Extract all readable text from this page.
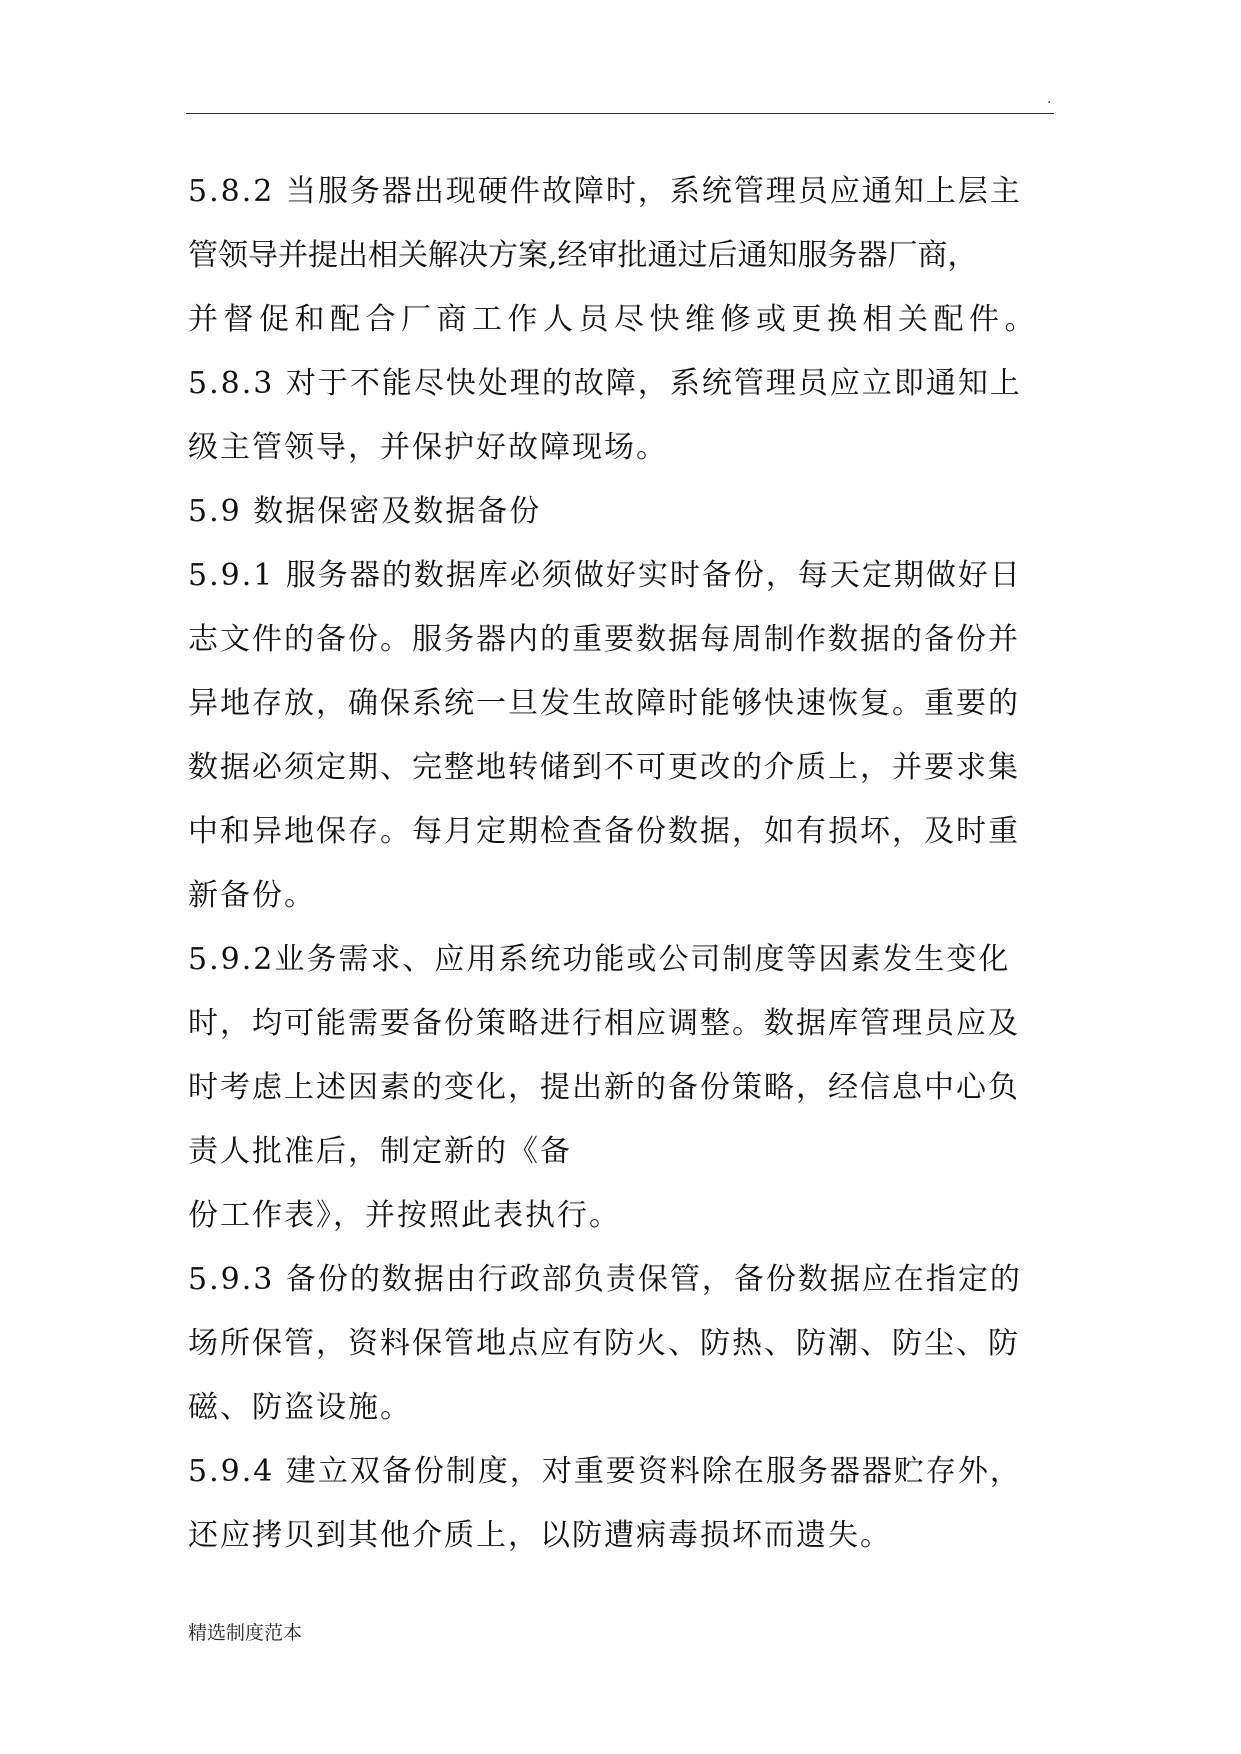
.
5.8.2 当服务器出现硬件故障时，系统管理员应通知上层主
管领导并提出相关解决方案,经审批通过后通知服务器厂商，
并督促和配合厂商工作人员尽快维修或更换相关配件。
5.8.3 对于不能尽快处理的故障，系统管理员应立即通知上
级主管领导，并保护好故障现场。
5.9 数据保密及数据备份
5.9.1 服务器的数据库必须做好实时备份，每天定期做好日
志文件的备份。服务器内的重要数据每周制作数据的备份并
异地存放，确保系统一旦发生故障时能够快速恢复。重要的
数据必须定期、完整地转储到不可更改的介质上，并要求集
中和异地保存。每月定期检查备份数据，如有损坏，及时重
新备份。
5.9.2业务需求、应用系统功能或公司制度等因素发生变化
时，均可能需要备份策略进行相应调整。数据库管理员应及
时考虑上述因素的变化，提出新的备份策略，经信息中心负
责人批准后，制定新的《备
份工作表》，并按照此表执行。
5.9.3 备份的数据由行政部负责保管，备份数据应在指定的
场所保管，资料保管地点应有防火、防热、防潮、防尘、防
磁、防盗设施。
5.9.4 建立双备份制度，对重要资料除在服务器器贮存外，
还应拷贝到其他介质上，以防遭病毒损坏而遗失。
精选制度范本
